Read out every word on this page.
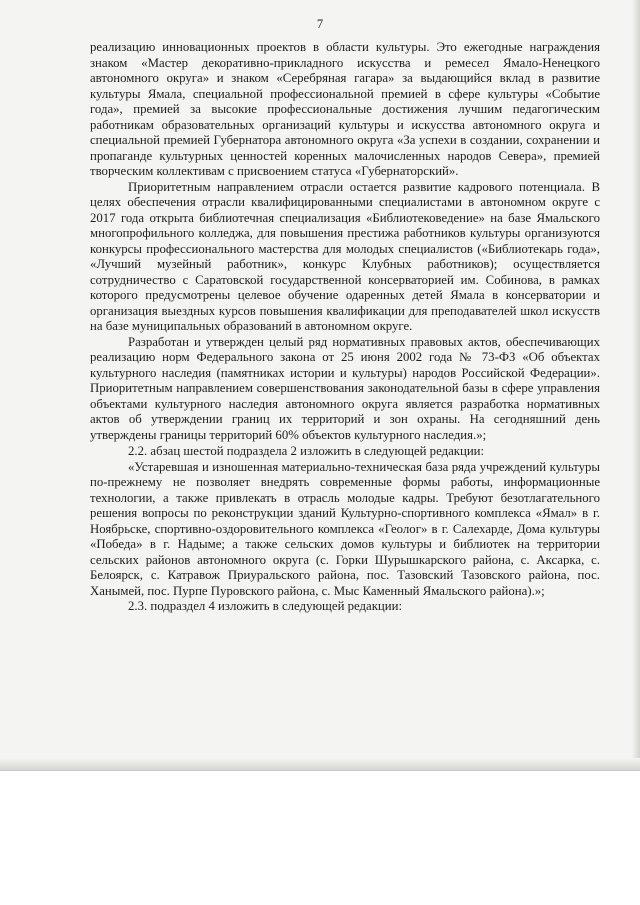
7

реализацию инновационных проектов в области культуры. Это ежегодные награждения знаком «Мастер декоративно-прикладного искусства и ремесел Ямало-Ненецкого автономного округа» и знаком «Серебряная гагара» за выдающийся вклад в развитие культуры Ямала, специальной профессиональной премией в сфере культуры «Событие года», премией за высокие профессиональные достижения лучшим педагогическим работникам образовательных организаций культуры и искусства автономного округа и специальной премией Губернатора автономного округа «За успехи в создании, сохранении и пропаганде культурных ценностей коренных малочисленных народов Севера», премией творческим коллективам с присвоением статуса «Губернаторский».

Приоритетным направлением отрасли остается развитие кадрового потенциала. В целях обеспечения отрасли квалифицированными специалистами в автономном округе с 2017 года открыта библиотечная специализация «Библиотековедение» на базе Ямальского многопрофильного колледжа, для повышения престижа работников культуры организуются конкурсы профессионального мастерства для молодых специалистов («Библиотекарь года», «Лучший музейный работник», конкурс Клубных работников); осуществляется сотрудничество с Саратовской государственной консерваторией им. Собинова, в рамках которого предусмотрены целевое обучение одаренных детей Ямала в консерватории и организация выездных курсов повышения квалификации для преподавателей школ искусств на базе муниципальных образований в автономном округе.

Разработан и утвержден целый ряд нормативных правовых актов, обеспечивающих реализацию норм Федерального закона от 25 июня 2002 года № 73-ФЗ «Об объектах культурного наследия (памятниках истории и культуры) народов Российской Федерации». Приоритетным направлением совершенствования законодательной базы в сфере управления объектами культурного наследия автономного округа является разработка нормативных актов об утверждении границ их территорий и зон охраны. На сегодняшний день утверждены границы территорий 60% объектов культурного наследия.»;

2.2. абзац шестой подраздела 2 изложить в следующей редакции:

«Устаревшая и изношенная материально-техническая база ряда учреждений культуры по-прежнему не позволяет внедрять современные формы работы, информационные технологии, а также привлекать в отрасль молодые кадры. Требуют безотлагательного решения вопросы по реконструкции зданий Культурно-спортивного комплекса «Ямал» в г. Ноябрьске, спортивно-оздоровительного комплекса «Геолог» в г. Салехарде, Дома культуры «Победа» в г. Надыме; а также сельских домов культуры и библиотек на территории сельских районов автономного округа (с. Горки Шурышкарского района, с. Аксарка, с. Белоярск, с. Катравож Приуральского района, пос. Тазовский Тазовского района, пос. Ханымей, пос. Пурпе Пуровского района, с. Мыс Каменный Ямальского района).»;

2.3. подраздел 4 изложить в следующей редакции:
